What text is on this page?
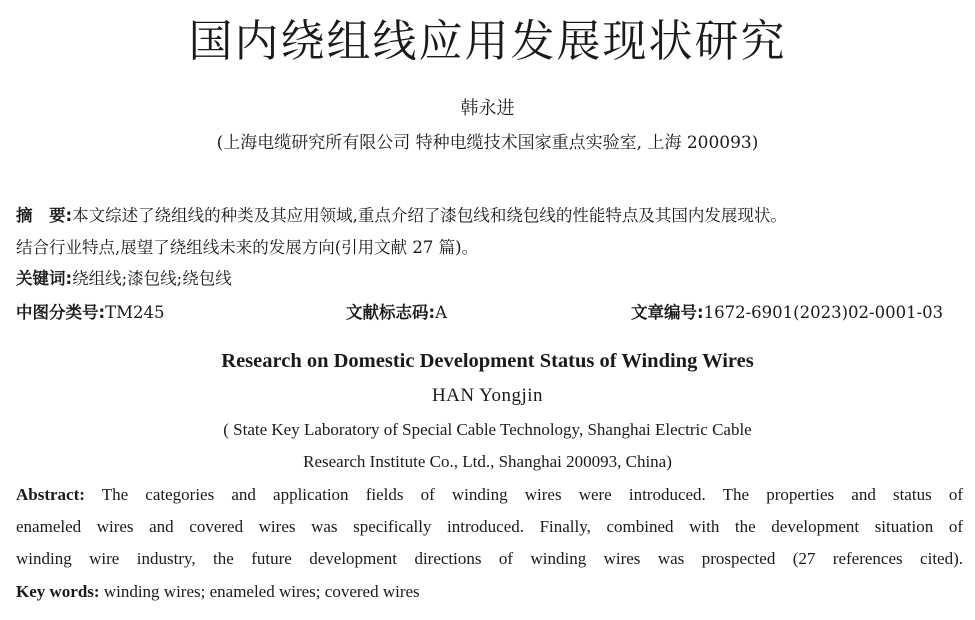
国内绕组线应用发展现状研究
韩永进
(上海电缆研究所有限公司 特种电缆技术国家重点实验室, 上海 200093)
摘　要:本文综述了绕组线的种类及其应用领域,重点介绍了漆包线和绕包线的性能特点及其国内发展现状。
结合行业特点,展望了绕组线未来的发展方向(引用文献 27 篇)。
关键词:绕组线;漆包线;绕包线
中图分类号:TM245	文献标志码:A	文章编号:1672-6901(2023)02-0001-03
Research on Domestic Development Status of Winding Wires
HAN Yongjin
( State Key Laboratory of Special Cable Technology, Shanghai Electric Cable
Research Institute Co., Ltd., Shanghai 200093, China)
Abstract: The categories and application fields of winding wires were introduced. The properties and status of
enameled wires and covered wires was specifically introduced. Finally, combined with the development situation of
winding wire industry, the future development directions of winding wires was prospected (27 references cited).
Key words: winding wires; enameled wires; covered wires
